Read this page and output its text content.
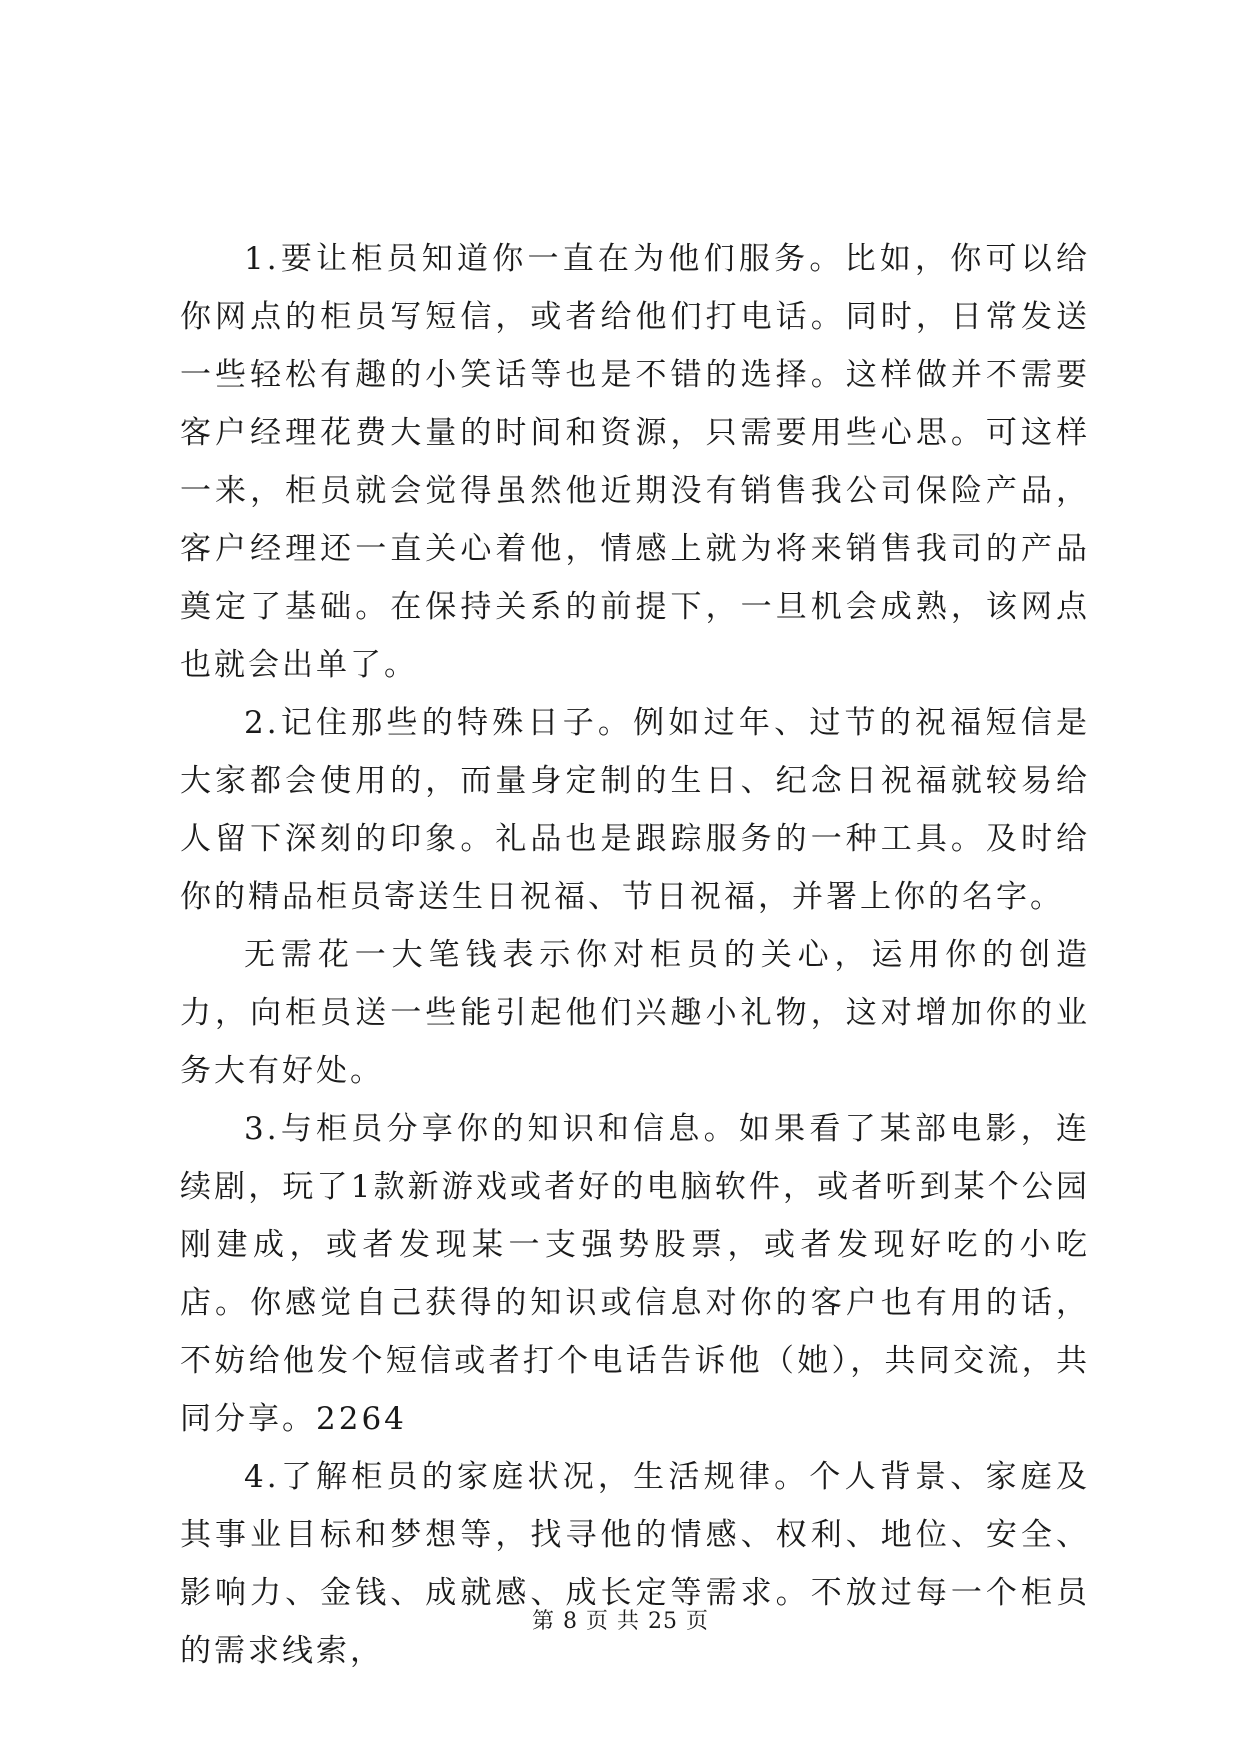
1.要让柜员知道你一直在为他们服务。比如，你可以给你网点的柜员写短信，或者给他们打电话。同时，日常发送一些轻松有趣的小笑话等也是不错的选择。这样做并不需要客户经理花费大量的时间和资源，只需要用些心思。可这样一来，柜员就会觉得虽然他近期没有销售我公司保险产品，客户经理还一直关心着他，情感上就为将来销售我司的产品奠定了基础。在保持关系的前提下，一旦机会成熟，该网点也就会出单了。

2.记住那些的特殊日子。例如过年、过节的祝福短信是大家都会使用的，而量身定制的生日、纪念日祝福就较易给人留下深刻的印象。礼品也是跟踪服务的一种工具。及时给你的精品柜员寄送生日祝福、节日祝福，并署上你的名字。

无需花一大笔钱表示你对柜员的关心，运用你的创造力，向柜员送一些能引起他们兴趣小礼物，这对增加你的业务大有好处。

3.与柜员分享你的知识和信息。如果看了某部电影，连续剧，玩了1款新游戏或者好的电脑软件，或者听到某个公园刚建成，或者发现某一支强势股票，或者发现好吃的小吃店。你感觉自己获得的知识或信息对你的客户也有用的话，不妨给他发个短信或者打个电话告诉他（她），共同交流，共同分享。2264

4.了解柜员的家庭状况，生活规律。个人背景、家庭及其事业目标和梦想等，找寻他的情感、权利、地位、安全、影响力、金钱、成就感、成长定等需求。不放过每一个柜员的需求线索，

第 8 页 共 25 页
